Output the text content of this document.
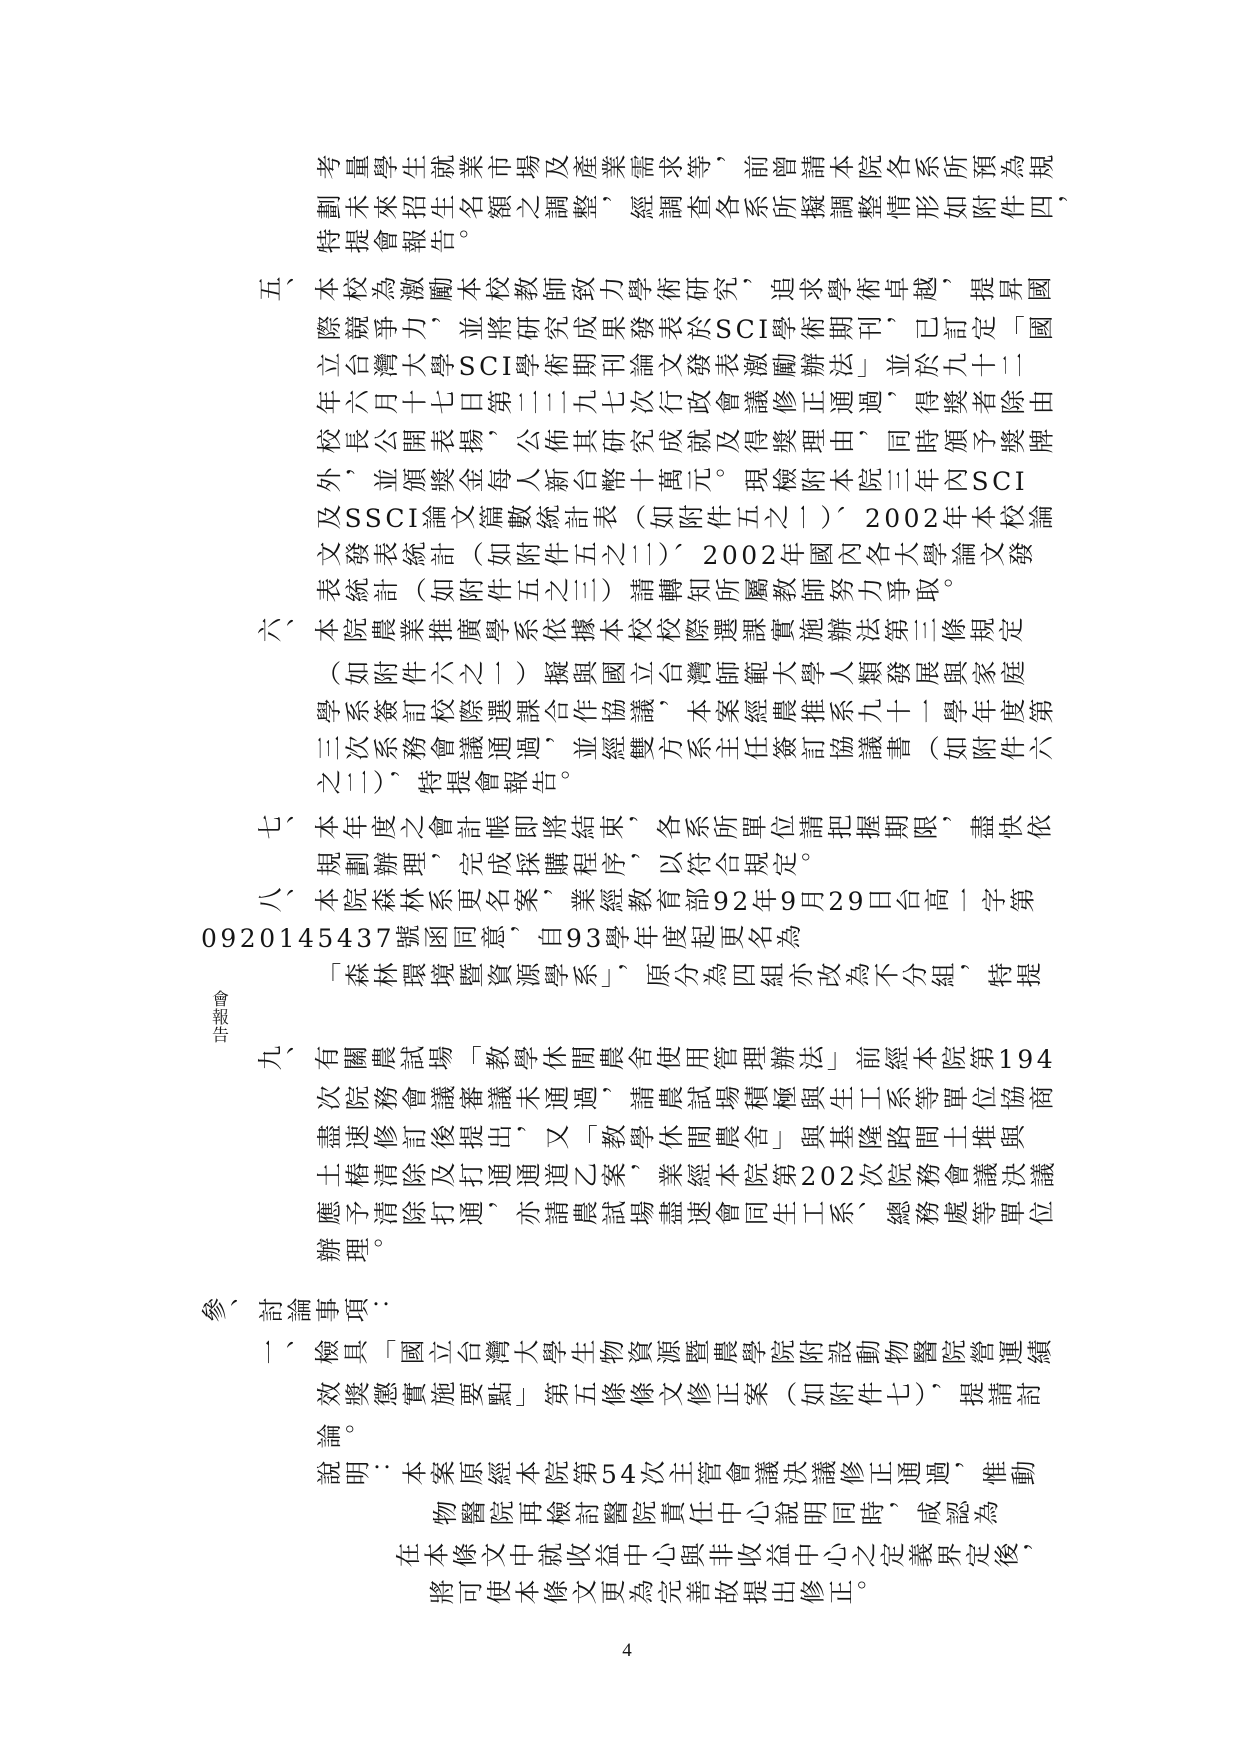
考量學生就業市場及產業需求等，前曾請本院各系所預為規
劃未來招生名額之調整，經調查各系所擬調整情形如附件四，
特提會報告。
五、本校為激勵本校教師致力學術研究，追求學術卓越，提昇國
際競爭力，並將研究成果發表於SCI學術期刊，已訂定「國
立台灣大學SCI學術期刊論文發表激勵辦法」並於九十二
年六月十七日第二二九七次行政會議修正通過，得獎者除由
校長公開表揚，公佈其研究成就及得獎理由，同時頒予獎牌
外，並頒獎金每人新台幣十萬元。現檢附本院三年內SCI
及SSCI論文篇數統計表（如附件五之一）、2002年本校論
文發表統計（如附件五之二）、2002年國內各大學論文發
表統計（如附件五之三）請轉知所屬教師努力爭取。
六、本院農業推廣學系依據本校校際選課實施辦法第三條規定
（如附件六之一）擬與國立台灣師範大學人類發展與家庭
學系簽訂校際選課合作協議，本案經農推系九十一學年度第
三次系務會議通過，並經雙方系主任簽訂協議書（如附件六
之二），特提會報告。
七、本年度之會計帳即將結束，各系所單位請把握期限，盡快依
規劃辦理，完成採購程序，以符合規定。
八、本院森林系更名案，業經教育部92年9月29日台高一字第
0920145437號函同意，自93學年度起更名為
「森林環境暨資源學系」，原分為四組亦改為不分組，特提
會報告
九、有關農試場「教學休閒農舍使用管理辦法」前經本院第194
次院務會議審議未通過，請農試場積極與生工系等單位協商
盡速修訂後提出，又「教學休閒農舍」與基隆路間土堆與
土樁清除及打通通道乙案，業經本院第202次院務會議決議
應予清除打通，亦請農試場盡速會同生工系、總務處等單位
辦理。
參、討論事項：
一、檢具「國立台灣大學生物資源暨農學院附設動物醫院營運績
效獎懲實施要點」第五條條文修正案（如附件七），提請討
論。
說明：本案原經本院第54次主管會議決議修正通過，惟動
物醫院再檢討醫院責任中心說明同時，咸認為
在本條文中就收益中心與非收益中心之定義界定後，
將可使本條文更為完善故提出修正。
4
